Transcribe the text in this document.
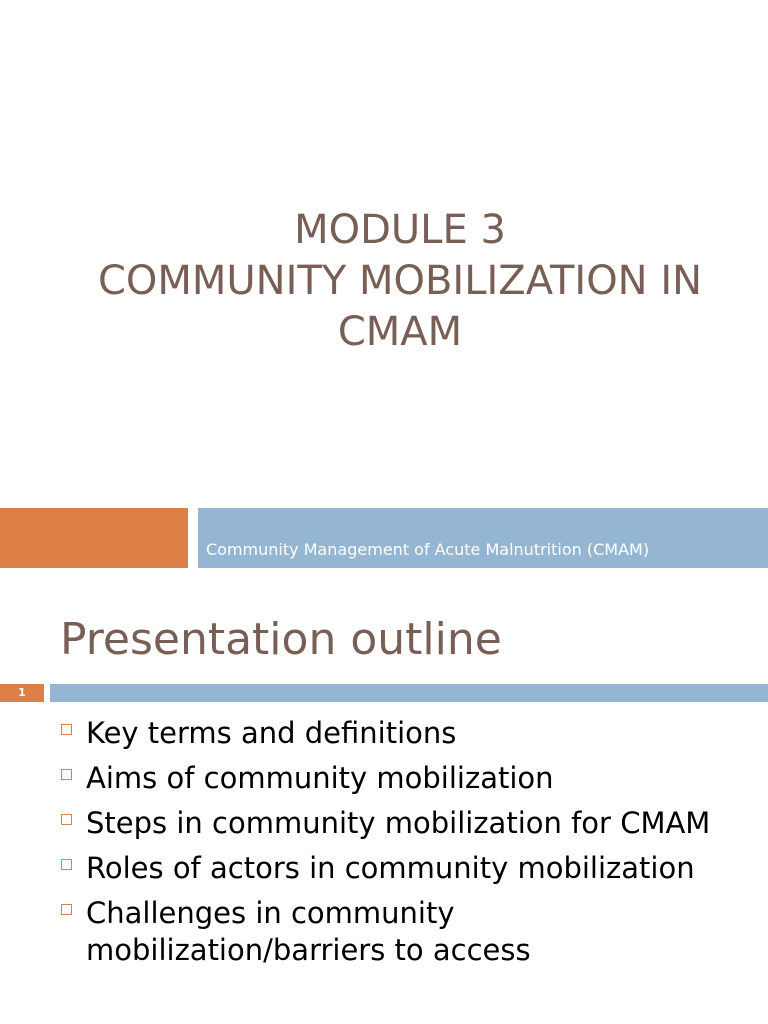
MODULE 3
COMMUNITY MOBILIZATION IN
CMAM
Community Management of Acute Malnutrition (CMAM)
Presentation outline
1
Key terms and definitions
Aims of community mobilization
Steps in community mobilization for CMAM
Roles of actors in community mobilization
Challenges in community mobilization/barriers to access
